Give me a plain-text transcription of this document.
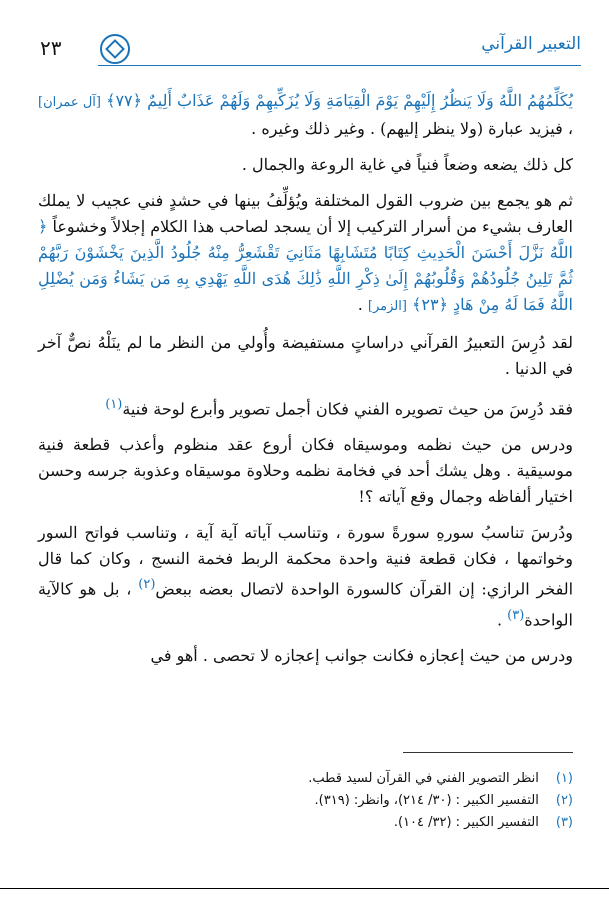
التعبير القرآني
٢٣

يُكَلِّمُهُمُ اللَّهُ وَلَا يَنظُرُ إِلَيْهِمْ يَوْمَ الْقِيَامَةِ وَلَا يُزَكِّيهِمْ وَلَهُمْ عَذَابٌ أَلِيمٌ ﴿٧٧﴾ [آل عمران] ، فيزيد عبارة (ولا ينظر إليهم) . وغير ذلك وغيره .

كل ذلك يضعه وضعاً فنياً في غاية الروعة والجمال .

ثم هو يجمع بين ضروب القول المختلفة ويُؤلِّفُ بينها في حشدٍ فني عجيب لا يملك العارف بشيء من أسرار التركيب إلا أن يسجد لصاحب هذا الكلام إجلالاً وخشوعاً ﴿ اللَّهُ نَزَّلَ أَحْسَنَ الْحَدِيثِ كِتَابًا مُتَشَابِهًا مَثَانِيَ تَقْشَعِرُّ مِنْهُ جُلُودُ الَّذِينَ يَخْشَوْنَ رَبَّهُمْ ثُمَّ تَلِينُ جُلُودُهُمْ وَقُلُوبُهُمْ إِلَىٰ ذِكْرِ اللَّهِ ذَٰلِكَ هُدَى اللَّهِ يَهْدِي بِهِ مَن يَشَاءُ وَمَن يُضْلِلِ اللَّهُ فَمَا لَهُ مِنْ هَادٍ ﴿٢٣﴾ [الزمر] .

لقد دُرِسَ التعبيرُ القرآني دراساتٍ مستفيضة وأُولي من النظر ما لم ينَلْهُ نصٌّ آخر في الدنيا .

فقد دُرِسَ من حيث تصويره الفني فكان أجمل تصوير وأبرع لوحة فنية$^{(١)}$

ودرس من حيث نظمه وموسيقاه فكان أروع عقد منظوم وأعذب قطعة فنية موسيقية . وهل يشك أحد في فخامة نظمه وحلاوة موسيقاه وعذوبة جرسه وحسن اختيار ألفاظه وجمال وقع آياته ؟!

ودُرسَ تناسبُ سورهِ سورةً سورة ، وتناسب آياته آية آية ، وتناسب فواتح السور وخواتمها ، فكان قطعة فنية واحدة محكمة الربط فخمة النسج ، وكان كما قال الفخر الرازي: إن القرآن كالسورة الواحدة لاتصال بعضه ببعض$^{(٢)}$ ، بل هو كالآية الواحدة$^{(٣)}$ .

ودرس من حيث إعجازه فكانت جوانب إعجازه لا تحصى . أهو في

(١) انظر التصوير الفني في القرآن لسيد قطب.
(٢) التفسير الكبير : (٣٠/ ٢١٤)، وانظر: (٣١٩).
(٣) التفسير الكبير : (٣٢/ ١٠٤).
